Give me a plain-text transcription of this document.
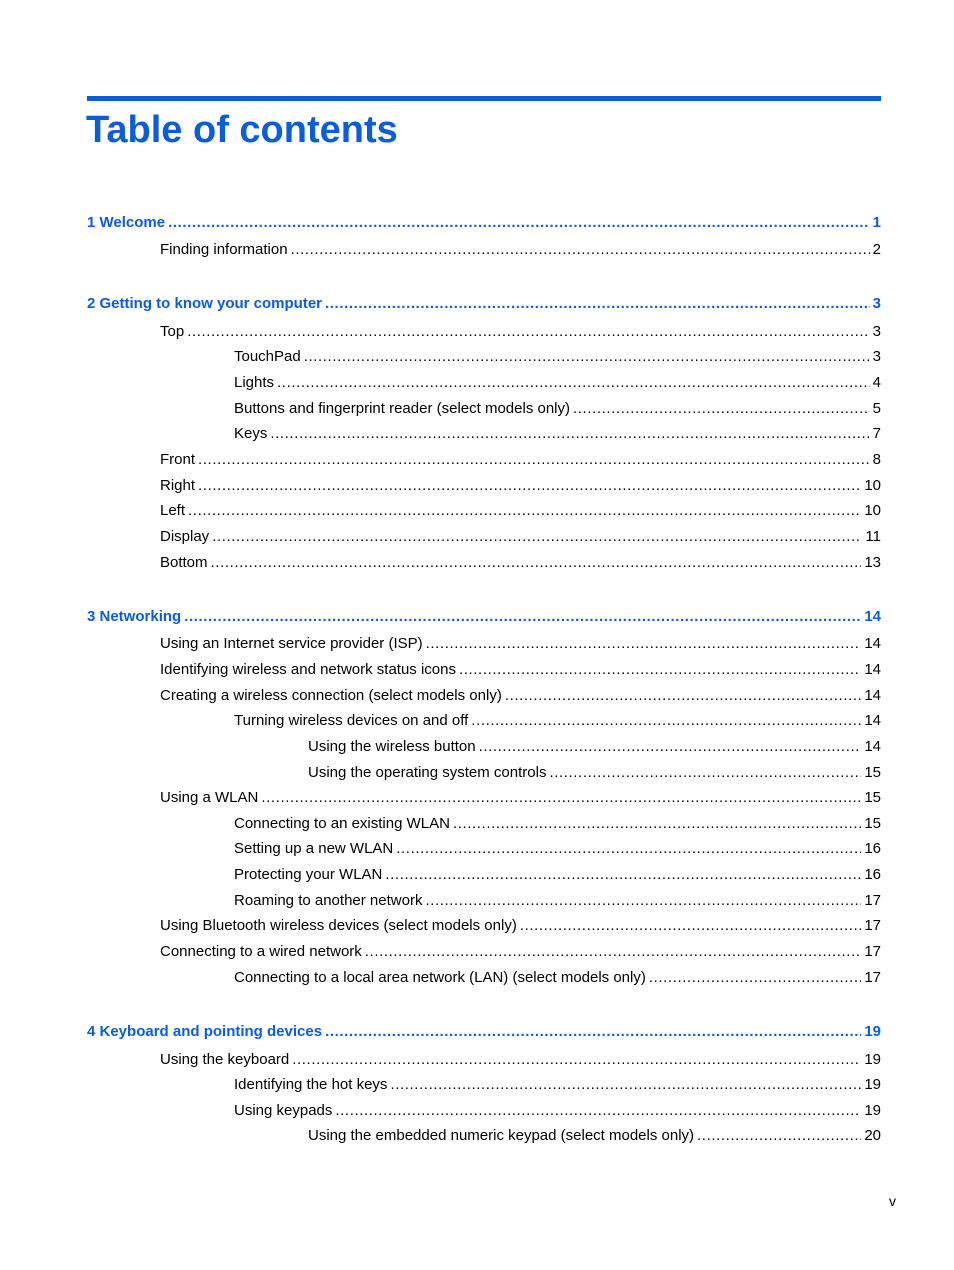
Table of contents
1 Welcome .....	1
Finding information .....	2
2 Getting to know your computer .....	3
Top .....	3
TouchPad .....	3
Lights .....	4
Buttons and fingerprint reader (select models only) .....	5
Keys .....	7
Front .....	8
Right .....	10
Left .....	10
Display .....	11
Bottom .....	13
3 Networking .....	14
Using an Internet service provider (ISP) .....	14
Identifying wireless and network status icons .....	14
Creating a wireless connection (select models only) .....	14
Turning wireless devices on and off .....	14
Using the wireless button .....	14
Using the operating system controls .....	15
Using a WLAN .....	15
Connecting to an existing WLAN .....	15
Setting up a new WLAN .....	16
Protecting your WLAN .....	16
Roaming to another network .....	17
Using Bluetooth wireless devices (select models only) .....	17
Connecting to a wired network .....	17
Connecting to a local area network (LAN) (select models only) .....	17
4 Keyboard and pointing devices .....	19
Using the keyboard .....	19
Identifying the hot keys .....	19
Using keypads .....	19
Using the embedded numeric keypad (select models only) .....	20
v
